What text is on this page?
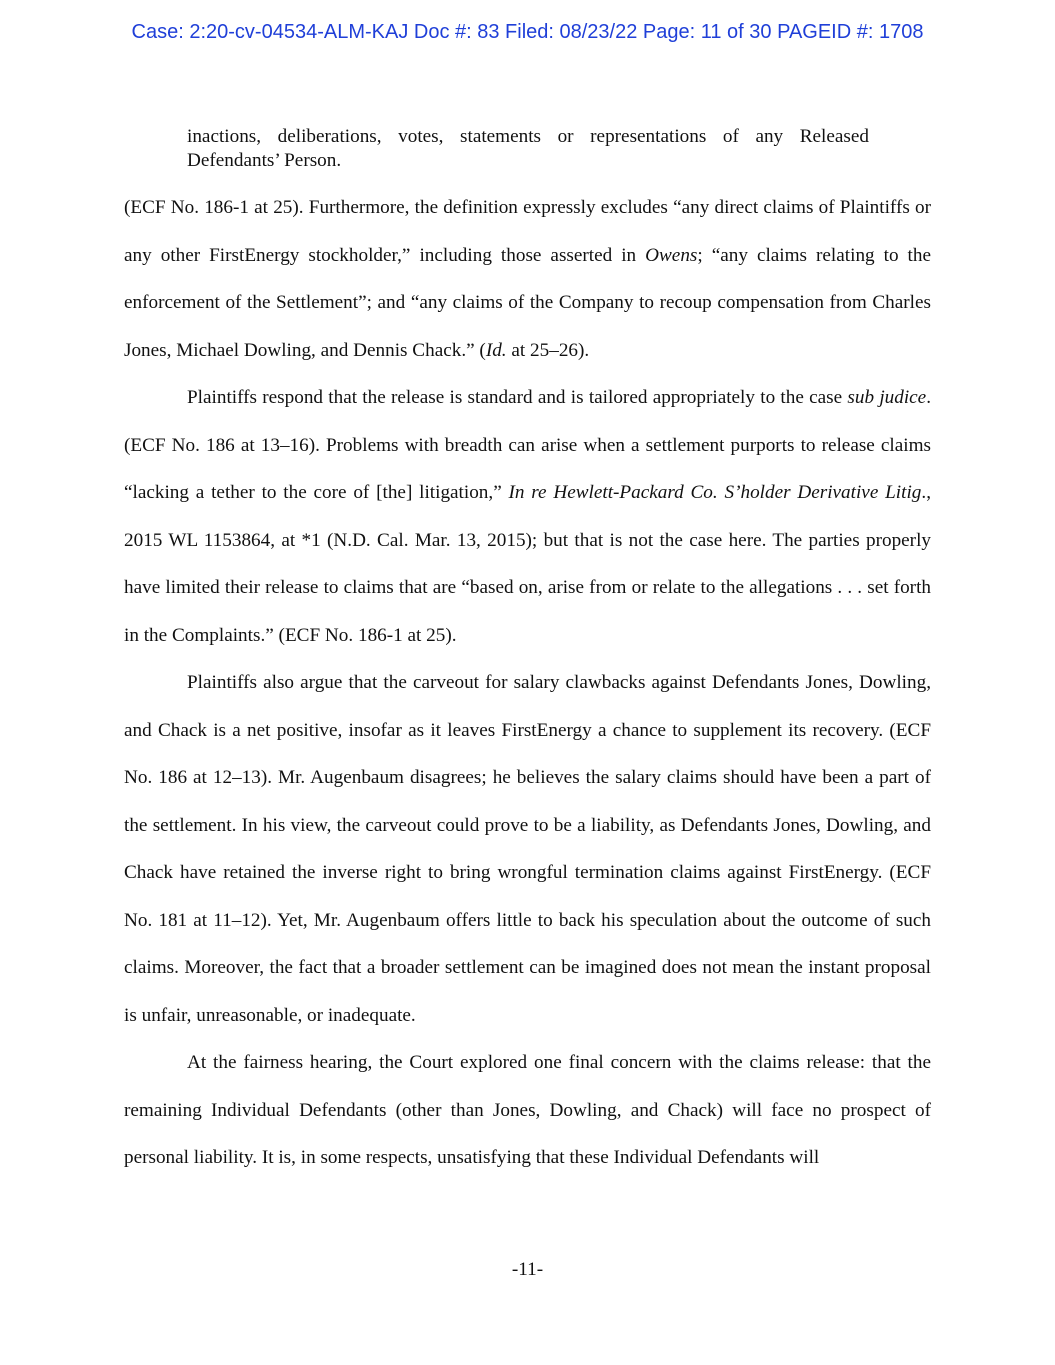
Case: 2:20-cv-04534-ALM-KAJ Doc #: 83 Filed: 08/23/22 Page: 11 of 30 PAGEID #: 1708
inactions, deliberations, votes, statements or representations of any Released Defendants’ Person.

(ECF No. 186-1 at 25). Furthermore, the definition expressly excludes “any direct claims of Plaintiffs or any other FirstEnergy stockholder,” including those asserted in Owens; “any claims relating to the enforcement of the Settlement”; and “any claims of the Company to recoup compensation from Charles Jones, Michael Dowling, and Dennis Chack.” (Id. at 25–26).

Plaintiffs respond that the release is standard and is tailored appropriately to the case sub judice. (ECF No. 186 at 13–16). Problems with breadth can arise when a settlement purports to release claims “lacking a tether to the core of [the] litigation,” In re Hewlett-Packard Co. S’holder Derivative Litig., 2015 WL 1153864, at *1 (N.D. Cal. Mar. 13, 2015); but that is not the case here. The parties properly have limited their release to claims that are “based on, arise from or relate to the allegations . . . set forth in the Complaints.” (ECF No. 186-1 at 25).

Plaintiffs also argue that the carveout for salary clawbacks against Defendants Jones, Dowling, and Chack is a net positive, insofar as it leaves FirstEnergy a chance to supplement its recovery. (ECF No. 186 at 12–13). Mr. Augenbaum disagrees; he believes the salary claims should have been a part of the settlement. In his view, the carveout could prove to be a liability, as Defendants Jones, Dowling, and Chack have retained the inverse right to bring wrongful termination claims against FirstEnergy. (ECF No. 181 at 11–12). Yet, Mr. Augenbaum offers little to back his speculation about the outcome of such claims. Moreover, the fact that a broader settlement can be imagined does not mean the instant proposal is unfair, unreasonable, or inadequate.

At the fairness hearing, the Court explored one final concern with the claims release: that the remaining Individual Defendants (other than Jones, Dowling, and Chack) will face no prospect of personal liability. It is, in some respects, unsatisfying that these Individual Defendants will

-11-
